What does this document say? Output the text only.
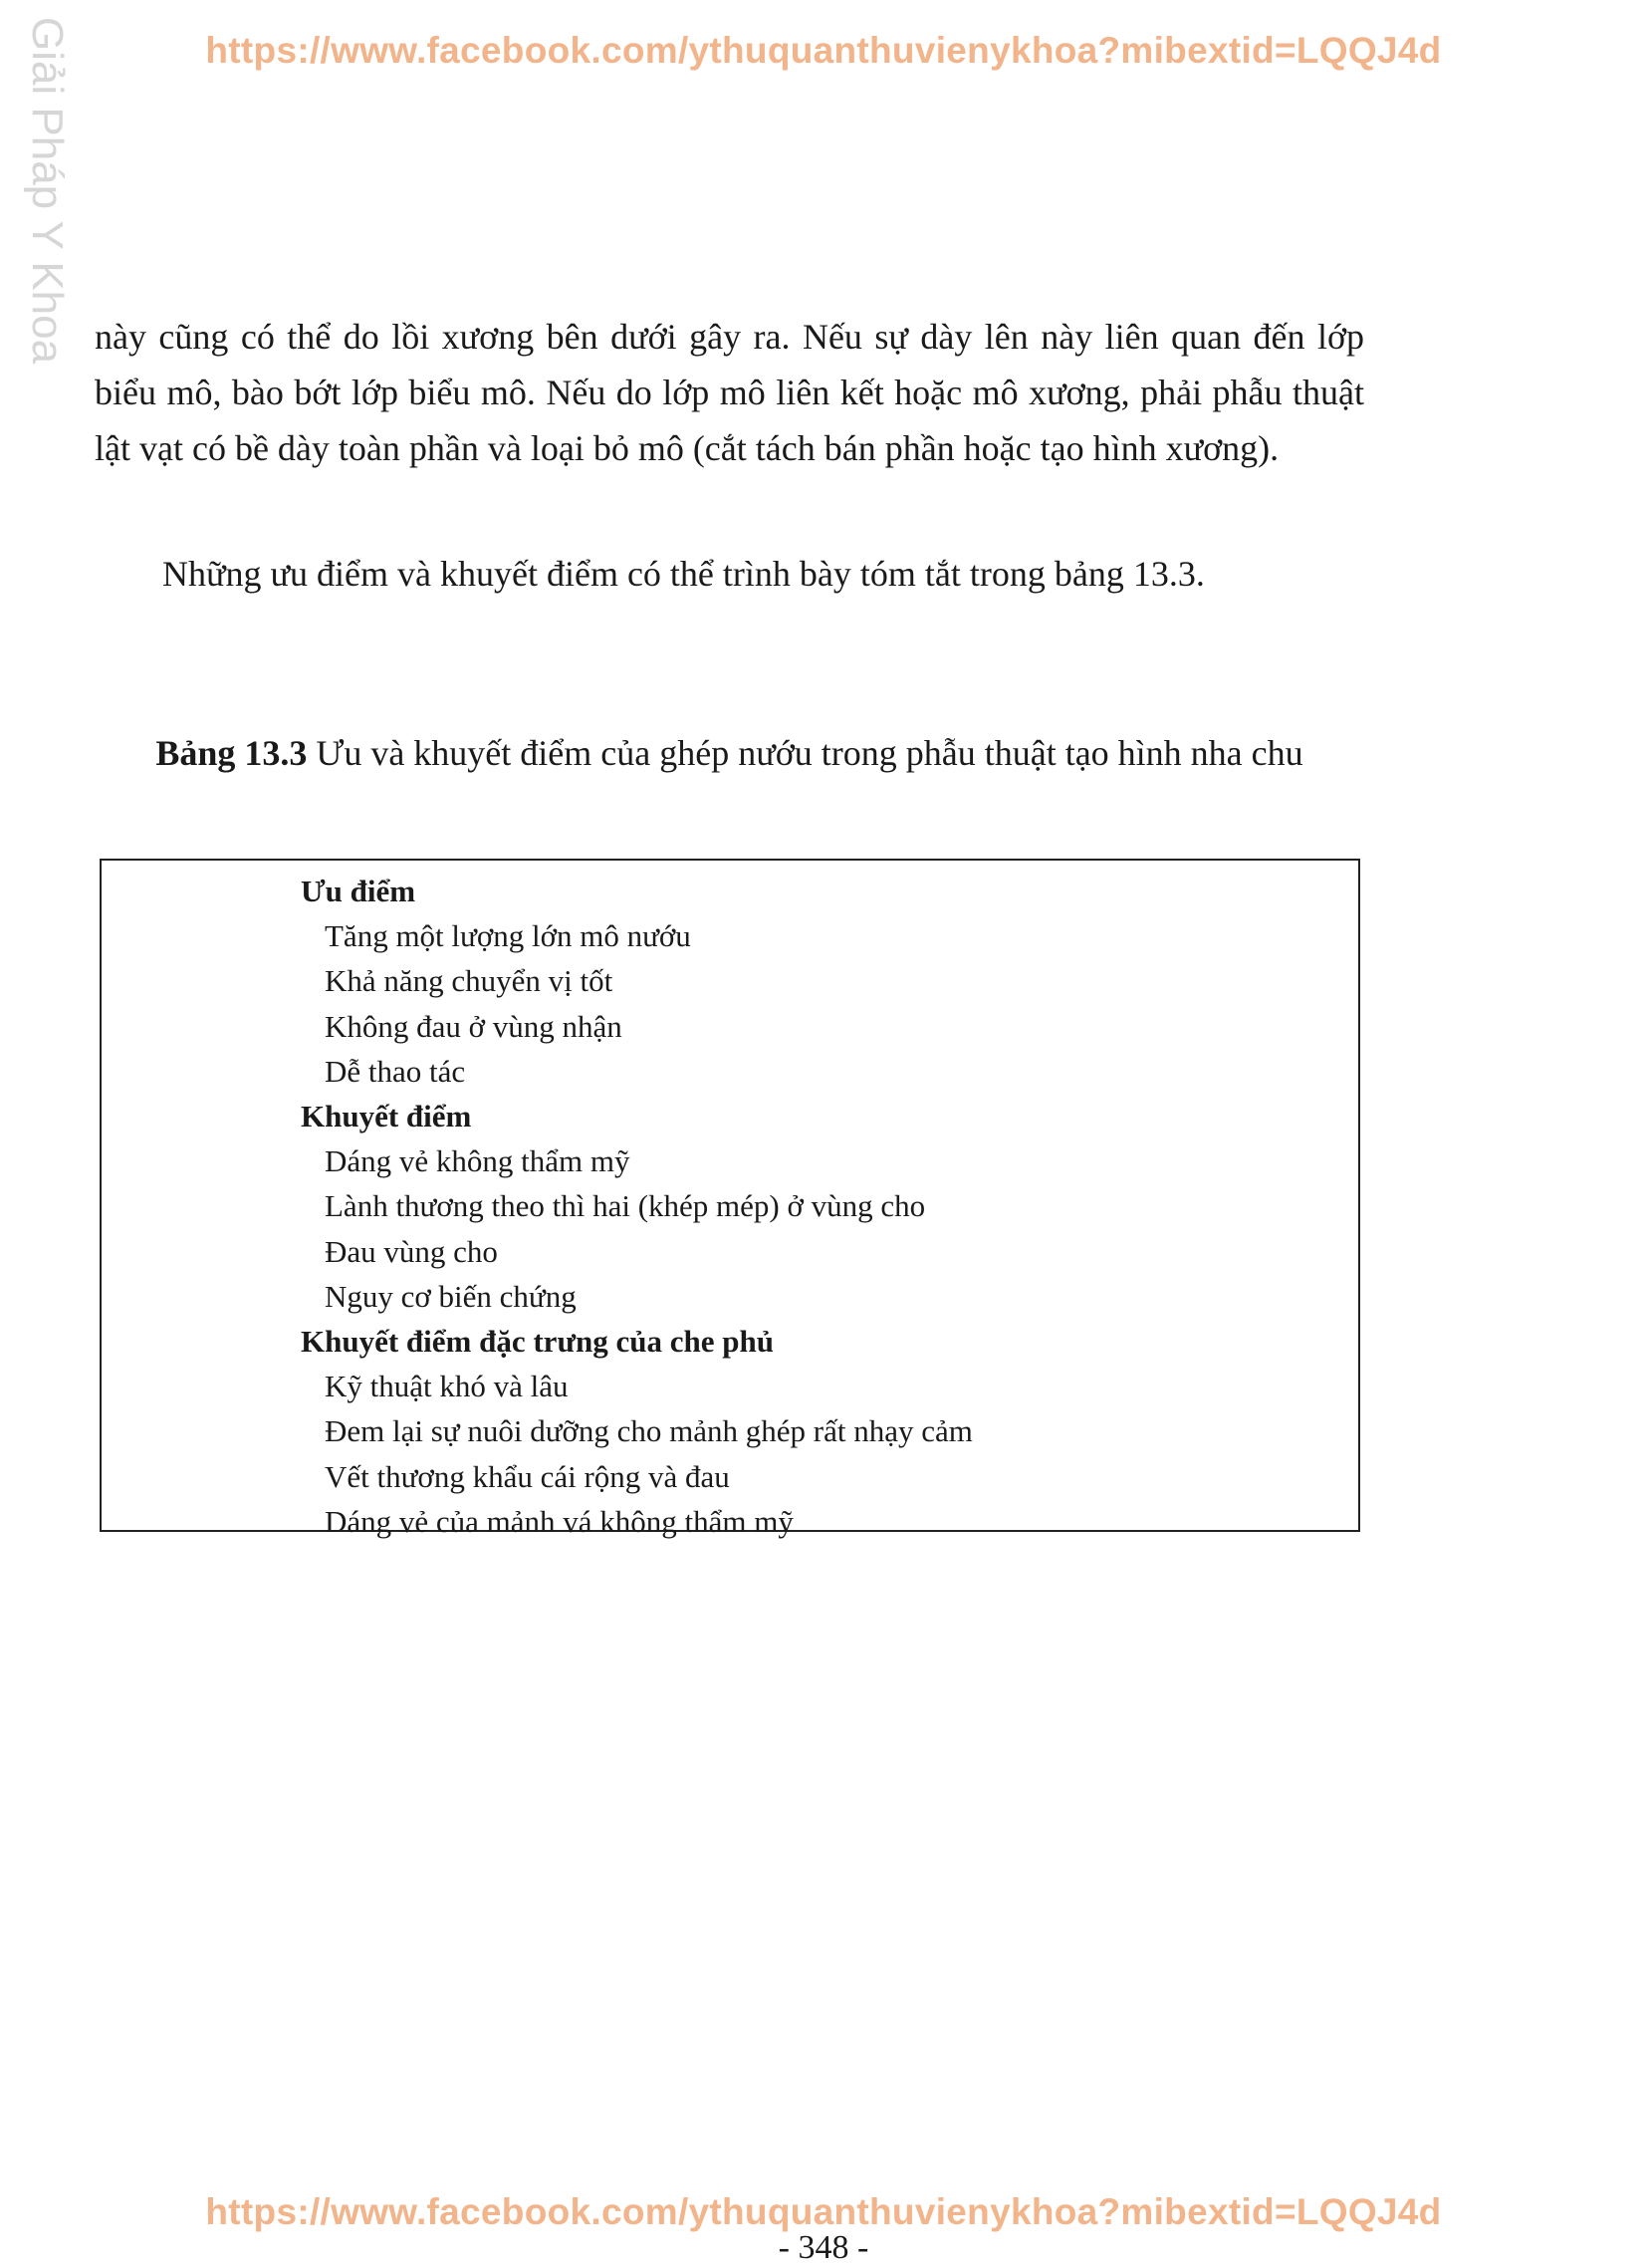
https://www.facebook.com/ythuquanthuvienykhoa?mibextid=LQQJ4d
Giải Pháp Y Khoa này cũng có thể do lồi xương bên dưới gây ra. Nếu sự dày lên này liên quan đến lớp biểu mô, bào bớt lớp biểu mô. Nếu do lớp mô liên kết hoặc mô xương, phải phẫu thuật lật vạt có bề dày toàn phần và loại bỏ mô (cắt tách bán phần hoặc tạo hình xương).

Những ưu điểm và khuyết điểm có thể trình bày tóm tắt trong bảng 13.3.

Bảng 13.3 Ưu và khuyết điểm của ghép nướu trong phẫu thuật tạo hình nha chu
Ưu điểm
Tăng một lượng lớn mô nướu
Khả năng chuyển vị tốt
Không đau ở vùng nhận
Dễ thao tác
Khuyết điểm
Dáng vẻ không thẩm mỹ
Lành thương theo thì hai (khép mép) ở vùng cho
Đau vùng cho
Nguy cơ biến chứng
Khuyết điểm đặc trưng của che phủ
Kỹ thuật khó và lâu
Đem lại sự nuôi dưỡng cho mảnh ghép rất nhạy cảm
Vết thương khẩu cái rộng và đau
Dáng vẻ của mảnh vá không thẩm mỹ
https://www.facebook.com/ythuquanthuvienykhoa?mibextid=LQQJ4d
- 348 -
